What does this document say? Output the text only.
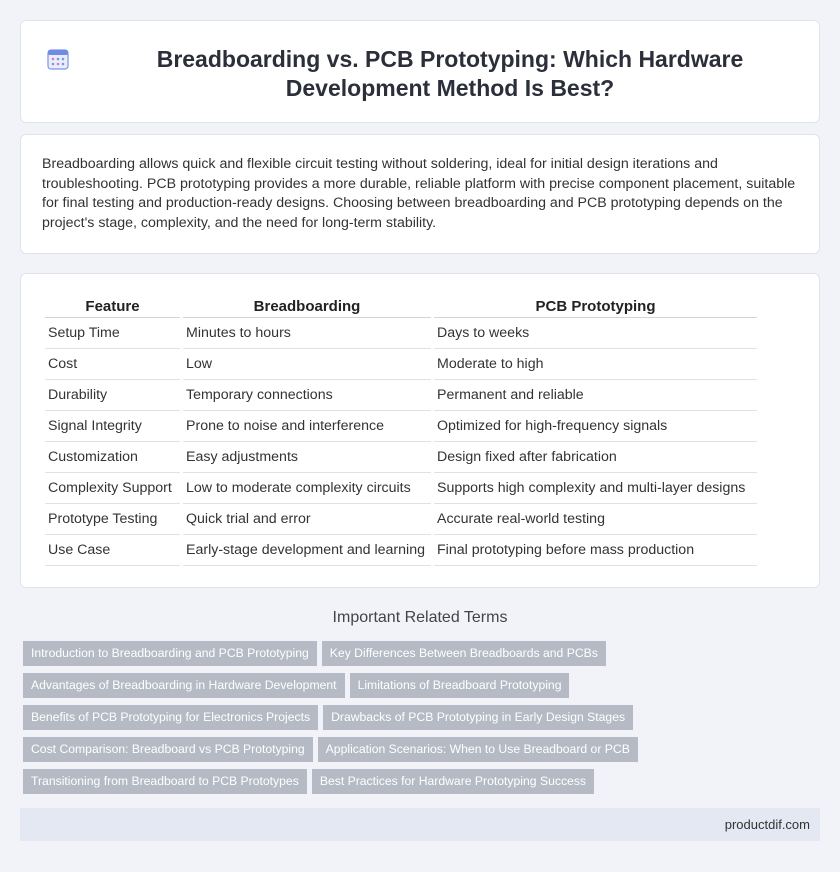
Breadboarding vs. PCB Prototyping: Which Hardware Development Method Is Best?

Breadboarding allows quick and flexible circuit testing without soldering, ideal for initial design iterations and troubleshooting. PCB prototyping provides a more durable, reliable platform with precise component placement, suitable for final testing and production-ready designs. Choosing between breadboarding and PCB prototyping depends on the project's stage, complexity, and the need for long-term stability.

Feature	Breadboarding	PCB Prototyping
Setup Time	Minutes to hours	Days to weeks
Cost	Low	Moderate to high
Durability	Temporary connections	Permanent and reliable
Signal Integrity	Prone to noise and interference	Optimized for high-frequency signals
Customization	Easy adjustments	Design fixed after fabrication
Complexity Support	Low to moderate complexity circuits	Supports high complexity and multi-layer designs
Prototype Testing	Quick trial and error	Accurate real-world testing
Use Case	Early-stage development and learning	Final prototyping before mass production
Important Related Terms
Introduction to Breadboarding and PCB Prototyping Key Differences Between Breadboards and PCBs
Advantages of Breadboarding in Hardware Development Limitations of Breadboard Prototyping
Benefits of PCB Prototyping for Electronics Projects Drawbacks of PCB Prototyping in Early Design Stages
Cost Comparison: Breadboard vs PCB Prototyping Application Scenarios: When to Use Breadboard or PCB
Transitioning from Breadboard to PCB Prototypes Best Practices for Hardware Prototyping Success
productdif.com
